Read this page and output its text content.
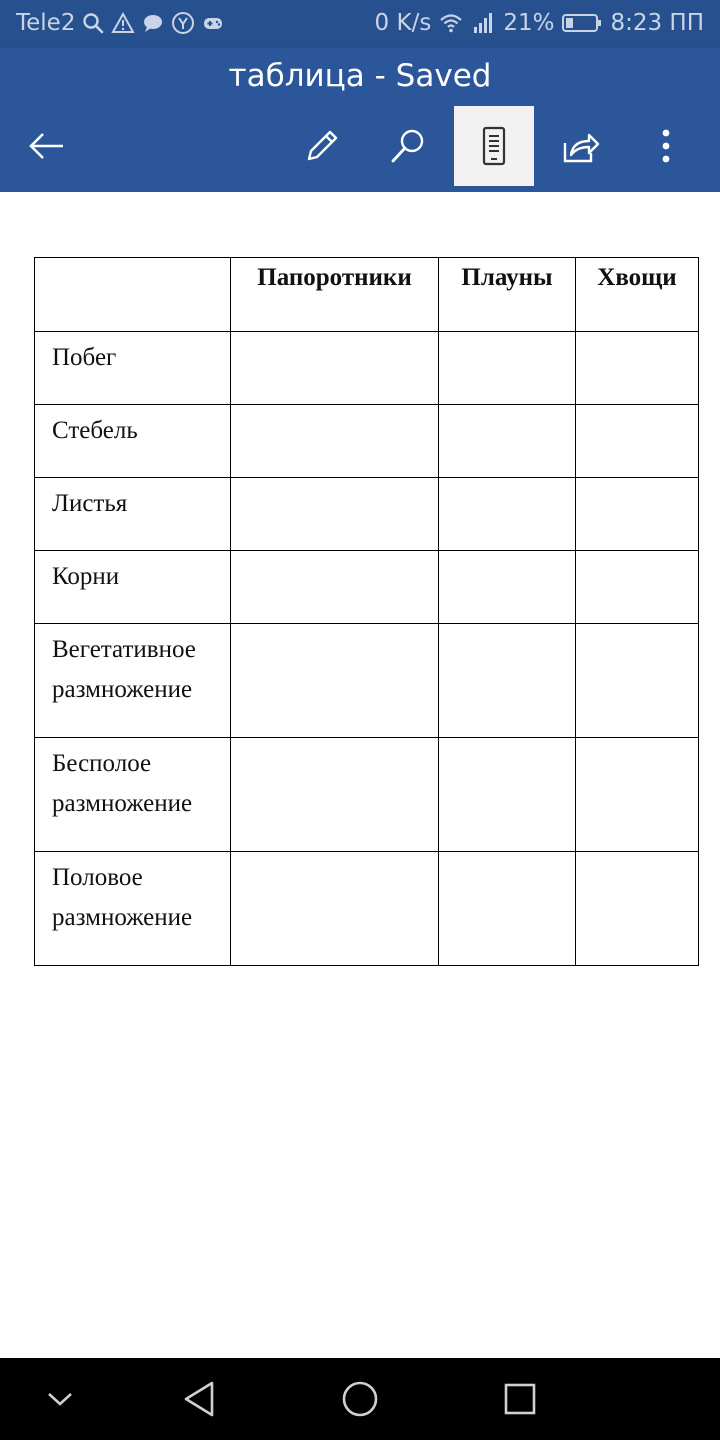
Tele2	0 K/s	21% 8:23 ПП
таблица - Saved
	Папоротники	Плауны	Хвощи
Побег			
Стебель			
Листья			
Корни			

Вегетативное
размножение			

Бесполое
размножение			

Половое
размножение			
